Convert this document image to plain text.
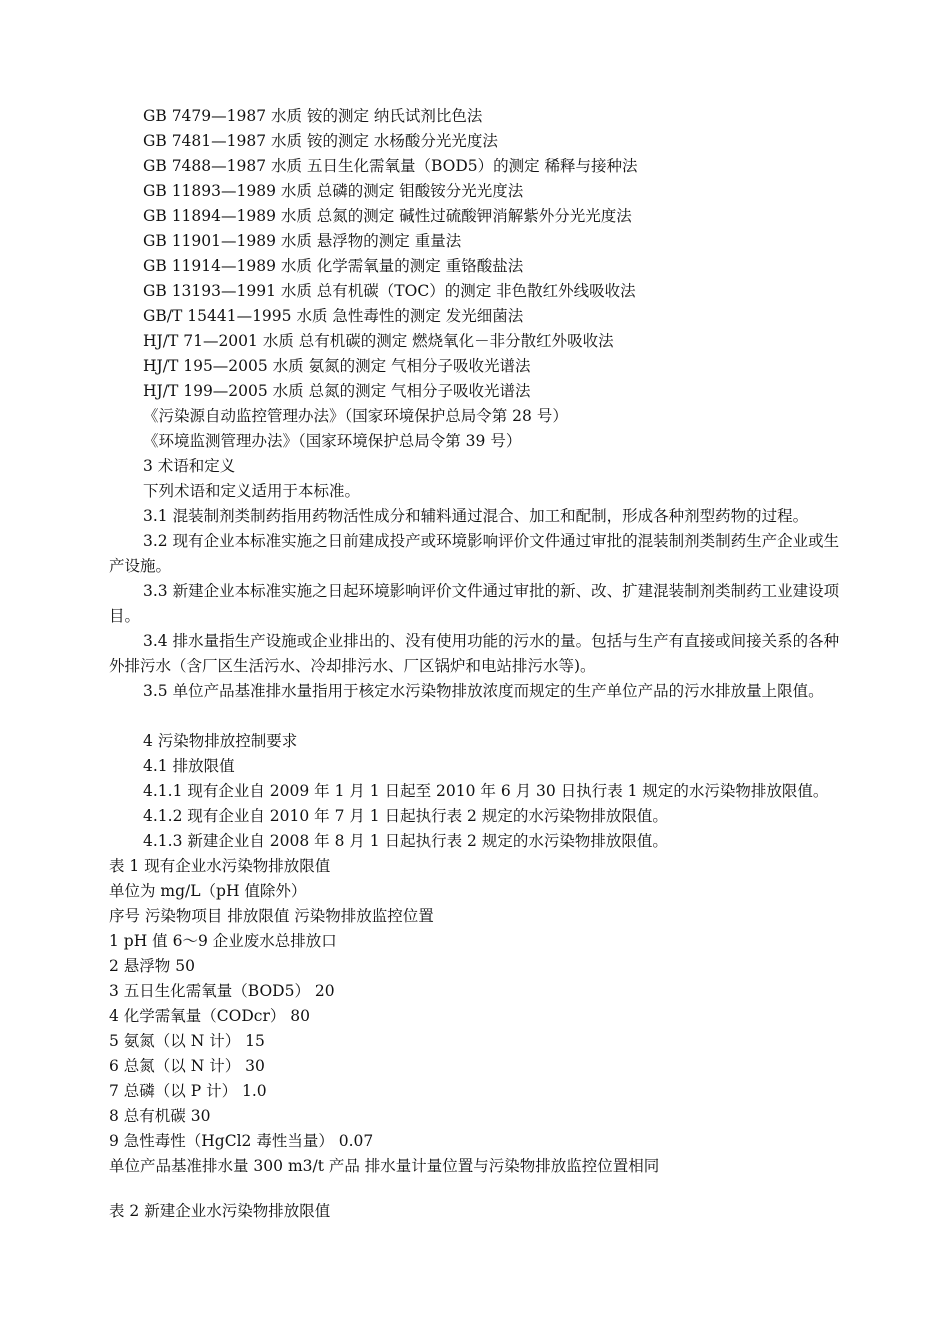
GB 7479—1987 水质 铵的测定 纳氏试剂比色法
GB 7481—1987 水质 铵的测定 水杨酸分光光度法
GB 7488—1987 水质 五日生化需氧量（BOD5）的测定 稀释与接种法
GB 11893—1989 水质 总磷的测定 钼酸铵分光光度法
GB 11894—1989 水质 总氮的测定 碱性过硫酸钾消解紫外分光光度法
GB 11901—1989 水质 悬浮物的测定 重量法
GB 11914—1989 水质 化学需氧量的测定 重铬酸盐法
GB 13193—1991 水质 总有机碳（TOC）的测定 非色散红外线吸收法
GB/T 15441—1995 水质 急性毒性的测定 发光细菌法
HJ/T 71—2001 水质 总有机碳的测定 燃烧氧化－非分散红外吸收法
HJ/T 195—2005 水质 氨氮的测定 气相分子吸收光谱法
HJ/T 199—2005 水质 总氮的测定 气相分子吸收光谱法
《污染源自动监控管理办法》（国家环境保护总局令第 28 号）
《环境监测管理办法》（国家环境保护总局令第 39 号）
3 术语和定义
下列术语和定义适用于本标准。
3.1 混装制剂类制药指用药物活性成分和辅料通过混合、加工和配制，形成各种剂型药物的过程。
3.2 现有企业本标准实施之日前建成投产或环境影响评价文件通过审批的混装制剂类制药生产企业或生产设施。
3.3 新建企业本标准实施之日起环境影响评价文件通过审批的新、改、扩建混装制剂类制药工业建设项目。
3.4 排水量指生产设施或企业排出的、没有使用功能的污水的量。包括与生产有直接或间接关系的各种外排污水（含厂区生活污水、冷却排污水、厂区锅炉和电站排污水等)。
3.5 单位产品基准排水量指用于核定水污染物排放浓度而规定的生产单位产品的污水排放量上限值。
4 污染物排放控制要求
4.1 排放限值
4.1.1 现有企业自 2009 年 1 月 1 日起至 2010 年 6 月 30 日执行表 1 规定的水污染物排放限值。
4.1.2 现有企业自 2010 年 7 月 1 日起执行表 2 规定的水污染物排放限值。
4.1.3 新建企业自 2008 年 8 月 1 日起执行表 2 规定的水污染物排放限值。
表 1 现有企业水污染物排放限值
单位为 mg/L（pH 值除外）
序号 污染物项目 排放限值 污染物排放监控位置
1 pH 值 6～9 企业废水总排放口
2 悬浮物 50
3 五日生化需氧量（BOD5） 20
4 化学需氧量（CODcr） 80
5 氨氮（以 N 计） 15
6 总氮（以 N 计） 30
7 总磷（以 P 计） 1.0
8 总有机碳 30
9 急性毒性（HgCl2 毒性当量） 0.07
单位产品基准排水量 300 m3/t 产品 排水量计量位置与污染物排放监控位置相同
表 2 新建企业水污染物排放限值
